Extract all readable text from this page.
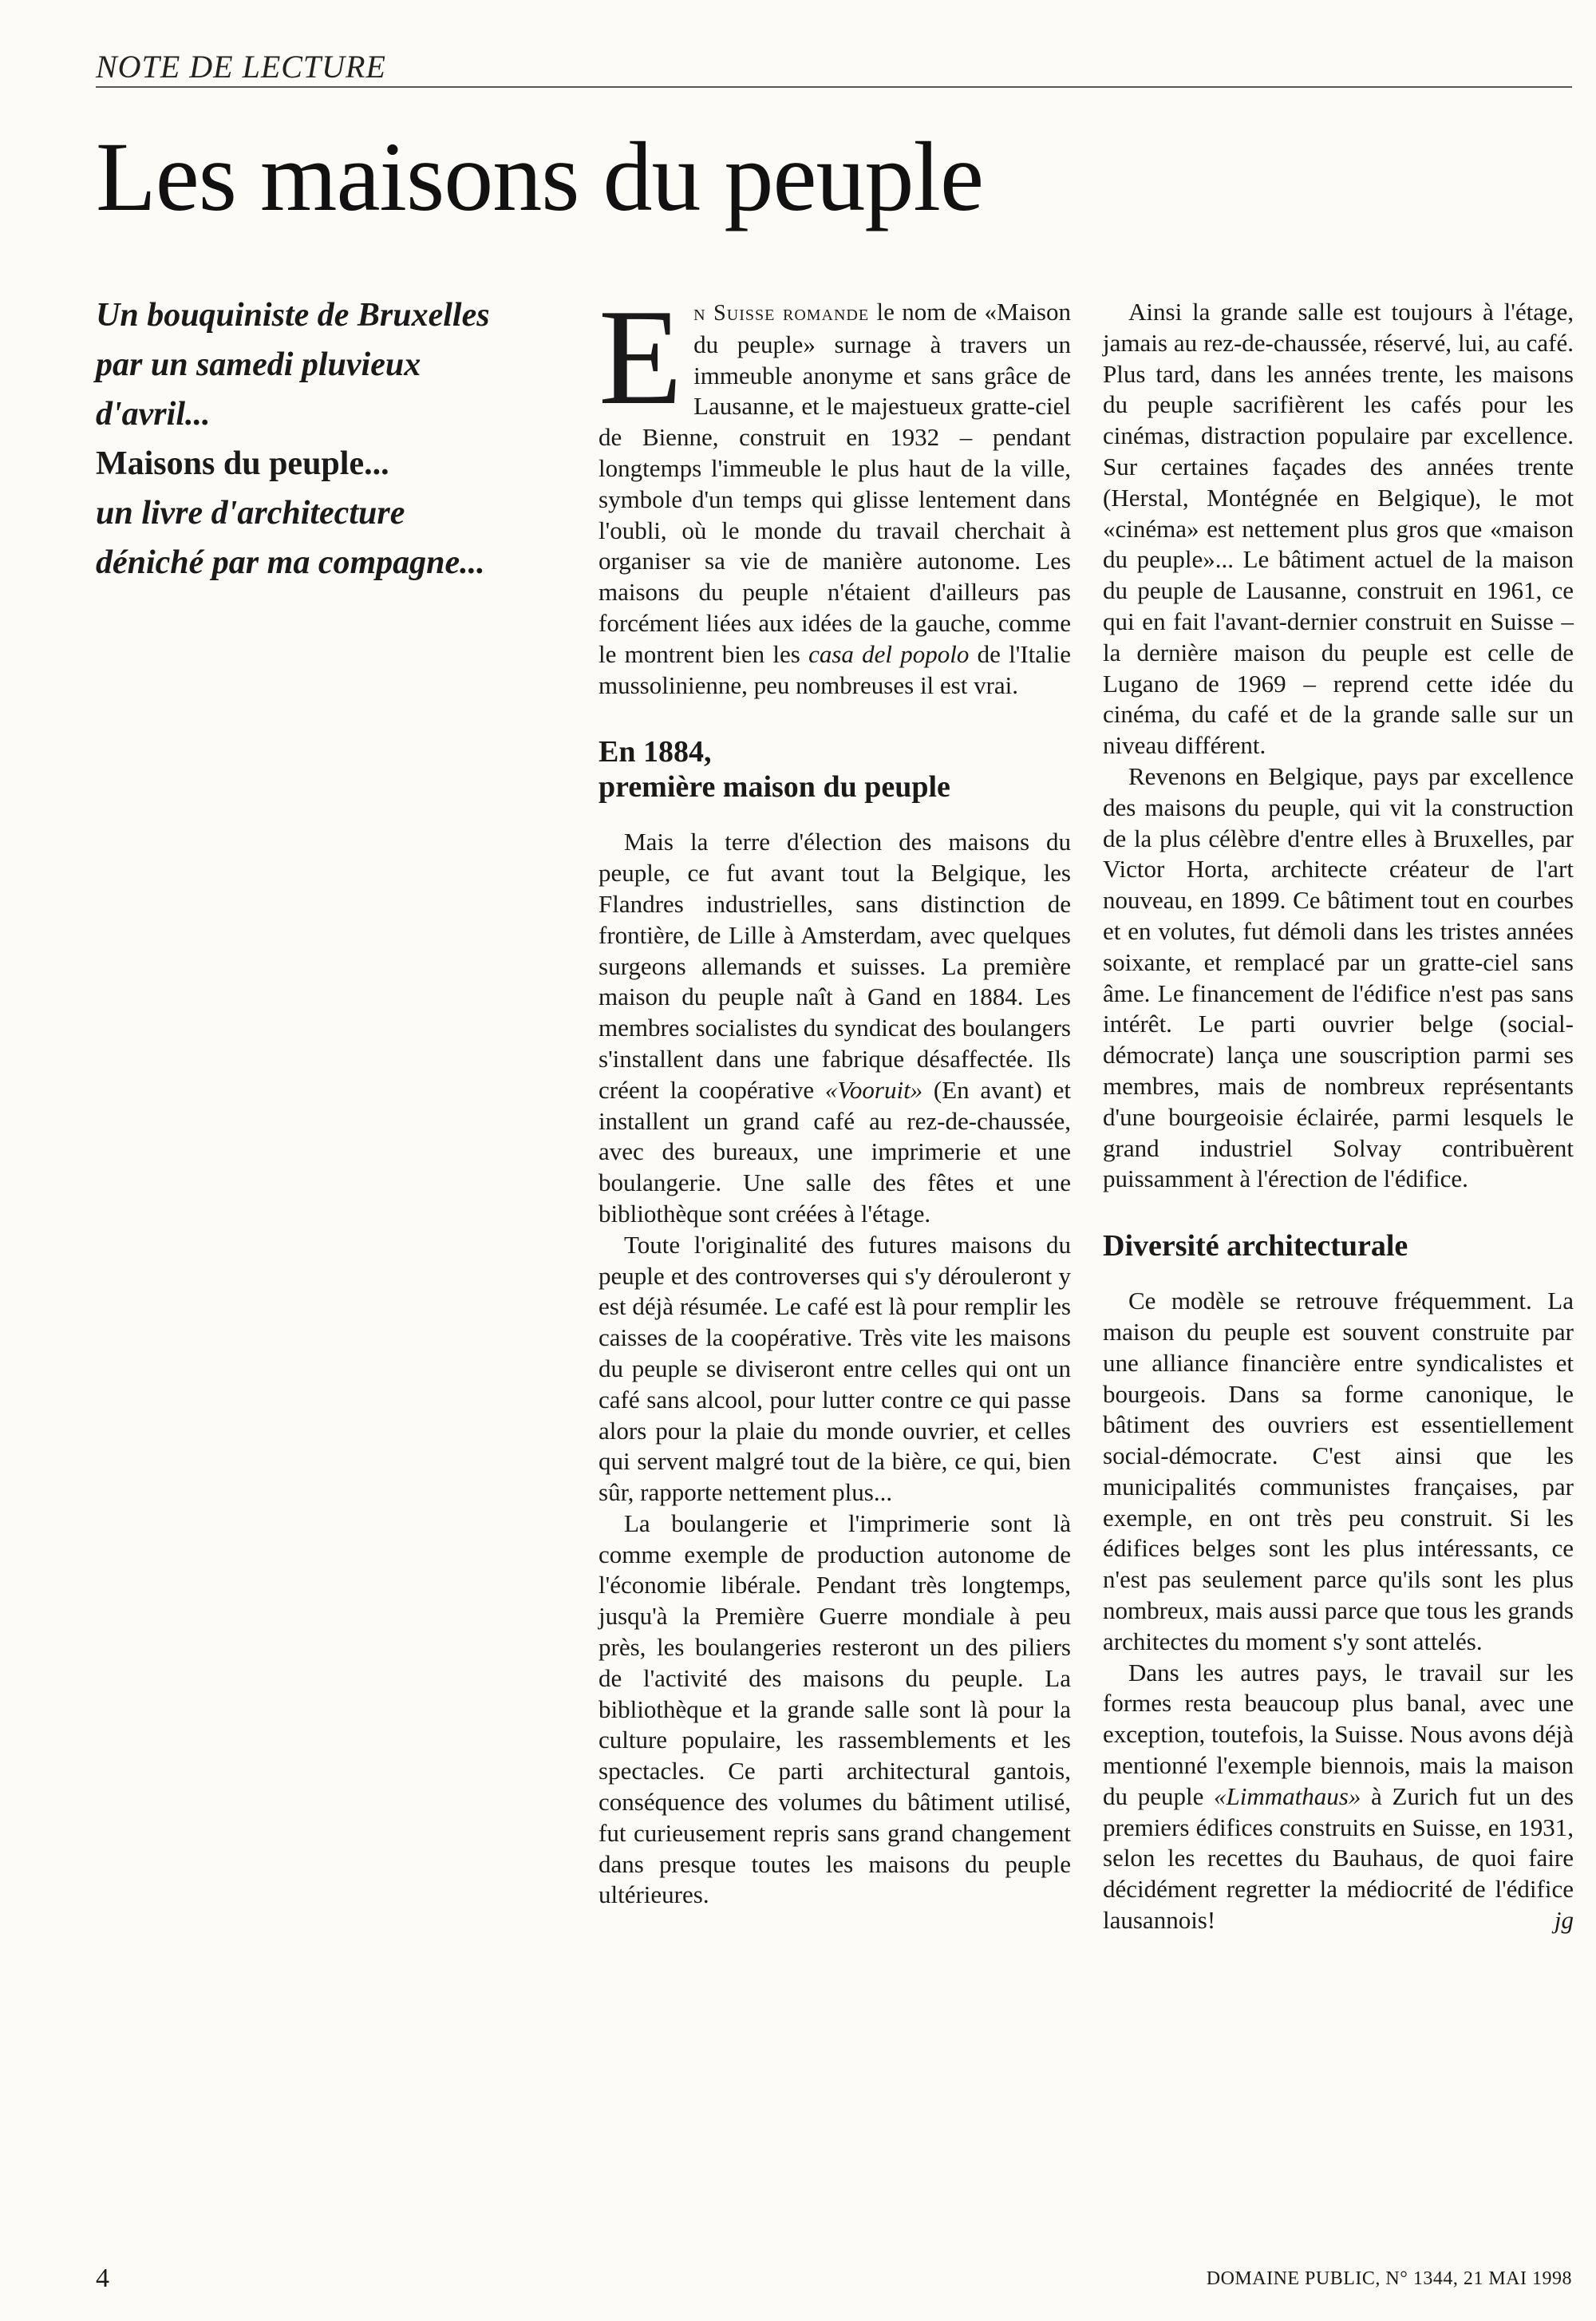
NOTE DE LECTURE
Les maisons du peuple
Un bouquiniste de Bruxelles
par un samedi pluvieux
d'avril...
Maisons du peuple...
un livre d'architecture
déniché par ma compagne...

En Suisse romande le nom de «Maison du peuple» surnage à travers un immeuble anonyme et sans grâce de Lausanne, et le majestueux gratte-ciel de Bienne, construit en 1932 – pendant longtemps l'immeuble le plus haut de la ville, symbole d'un temps qui glisse lentement dans l'oubli, où le monde du travail cherchait à organiser sa vie de manière autonome. Les maisons du peuple n'étaient d'ailleurs pas forcément liées aux idées de la gauche, comme le montrent bien les casa del popolo de l'Italie mussolinienne, peu nombreuses il est vrai.

En 1884,
première maison du peuple

Mais la terre d'élection des maisons du peuple, ce fut avant tout la Belgique, les Flandres industrielles, sans distinction de frontière, de Lille à Amsterdam, avec quelques surgeons allemands et suisses. La première maison du peuple naît à Gand en 1884. Les membres socialistes du syndicat des boulangers s'installent dans une fabrique désaffectée. Ils créent la coopérative «Vooruit» (En avant) et installent un grand café au rez-de-chaussée, avec des bureaux, une imprimerie et une boulangerie. Une salle des fêtes et une bibliothèque sont créées à l'étage.

Toute l'originalité des futures maisons du peuple et des controverses qui s'y dérouleront y est déjà résumée. Le café est là pour remplir les caisses de la coopérative. Très vite les maisons du peuple se diviseront entre celles qui ont un café sans alcool, pour lutter contre ce qui passe alors pour la plaie du monde ouvrier, et celles qui servent malgré tout de la bière, ce qui, bien sûr, rapporte nettement plus...

La boulangerie et l'imprimerie sont là comme exemple de production autonome de l'économie libérale. Pendant très longtemps, jusqu'à la Première Guerre mondiale à peu près, les boulangeries resteront un des piliers de l'activité des maisons du peuple. La bibliothèque et la grande salle sont là pour la culture populaire, les rassemblements et les spectacles. Ce parti architectural gantois, conséquence des volumes du bâtiment utilisé, fut curieusement repris sans grand changement dans presque toutes les maisons du peuple ultérieures.

Ainsi la grande salle est toujours à l'étage, jamais au rez-de-chaussée, réservé, lui, au café. Plus tard, dans les années trente, les maisons du peuple sacrifièrent les cafés pour les cinémas, distraction populaire par excellence. Sur certaines façades des années trente (Herstal, Montégnée en Belgique), le mot «cinéma» est nettement plus gros que «maison du peuple»... Le bâtiment actuel de la maison du peuple de Lausanne, construit en 1961, ce qui en fait l'avant-dernier construit en Suisse – la dernière maison du peuple est celle de Lugano de 1969 – reprend cette idée du cinéma, du café et de la grande salle sur un niveau différent.

Revenons en Belgique, pays par excellence des maisons du peuple, qui vit la construction de la plus célèbre d'entre elles à Bruxelles, par Victor Horta, architecte créateur de l'art nouveau, en 1899. Ce bâtiment tout en courbes et en volutes, fut démoli dans les tristes années soixante, et remplacé par un gratte-ciel sans âme. Le financement de l'édifice n'est pas sans intérêt. Le parti ouvrier belge (social-démocrate) lança une souscription parmi ses membres, mais de nombreux représentants d'une bourgeoisie éclairée, parmi lesquels le grand industriel Solvay contribuèrent puissamment à l'érection de l'édifice.

Diversité architecturale

Ce modèle se retrouve fréquemment. La maison du peuple est souvent construite par une alliance financière entre syndicalistes et bourgeois. Dans sa forme canonique, le bâtiment des ouvriers est essentiellement social-démocrate. C'est ainsi que les municipalités communistes françaises, par exemple, en ont très peu construit. Si les édifices belges sont les plus intéressants, ce n'est pas seulement parce qu'ils sont les plus nombreux, mais aussi parce que tous les grands architectes du moment s'y sont attelés.

Dans les autres pays, le travail sur les formes resta beaucoup plus banal, avec une exception, toutefois, la Suisse. Nous avons déjà mentionné l'exemple biennois, mais la maison du peuple «Limmathaus» à Zurich fut un des premiers édifices construits en Suisse, en 1931, selon les recettes du Bauhaus, de quoi faire décidément regretter la médiocrité de l'édifice lausannois!	jg

4	DOMAINE PUBLIC, N° 1344, 21 MAI 1998
